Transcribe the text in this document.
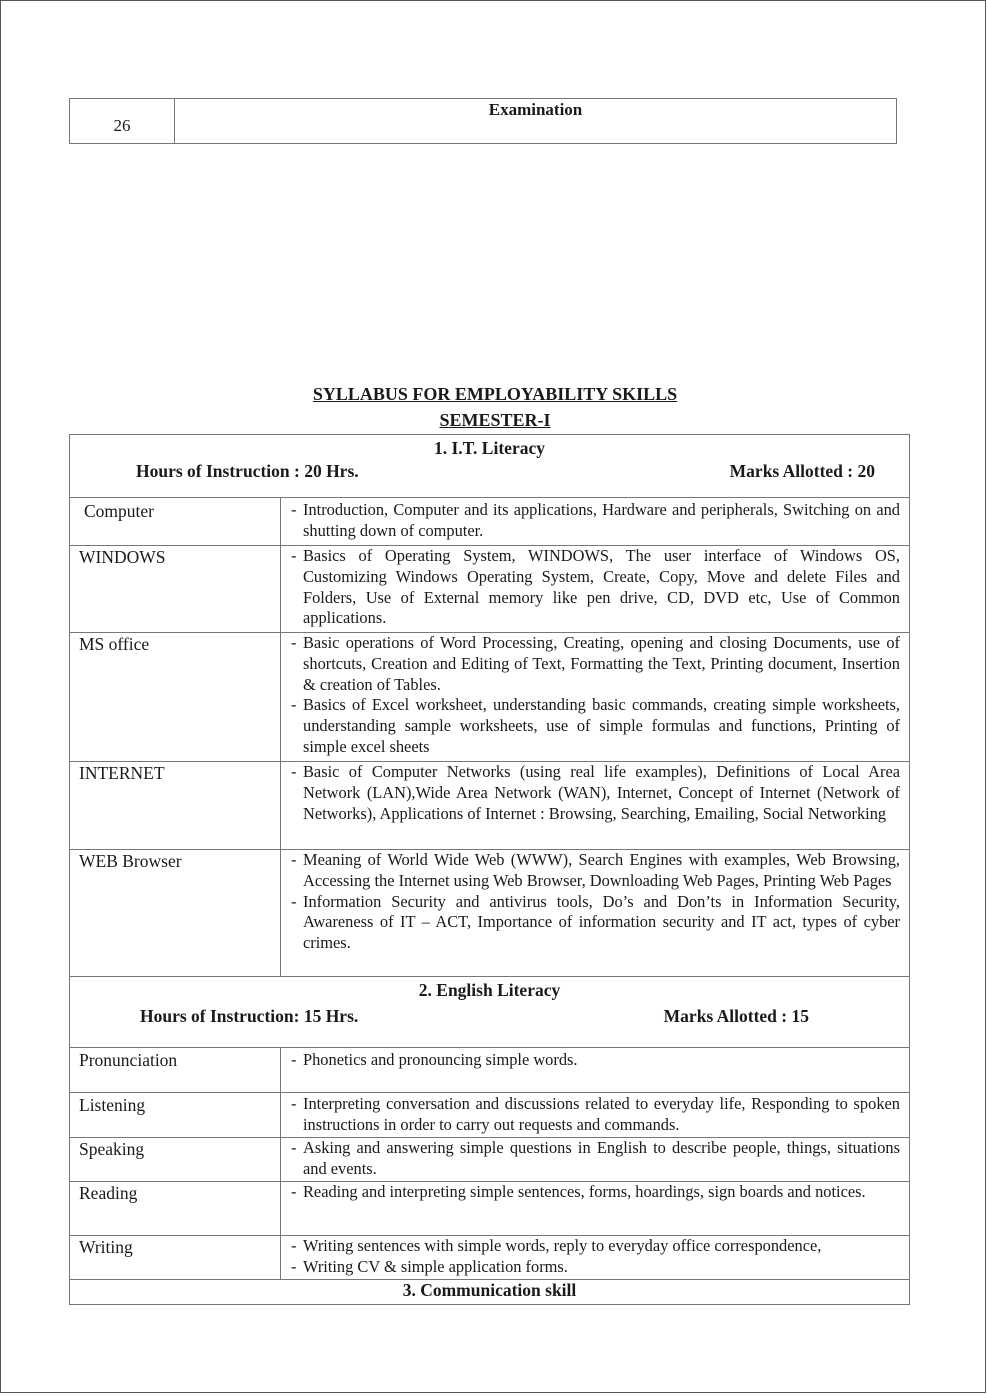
26	Examination
SYLLABUS FOR EMPLOYABILITY SKILLS
SEMESTER-I
1. I.T. Literacy
Hours of Instruction : 20 Hrs. Marks Allotted : 20	

Computer	- Introduction, Computer and its applications, Hardware and peripherals, Switching on and shutting down of computer.

WINDOWS	- Basics of Operating System, WINDOWS, The user interface of Windows OS, Customizing Windows Operating System, Create, Copy, Move and delete Files and Folders, Use of External memory like pen drive, CD, DVD etc, Use of Common applications.

MS office	- Basic operations of Word Processing, Creating, opening and closing Documents, use of shortcuts, Creation and Editing of Text, Formatting the Text, Printing document, Insertion & creation of Tables.
- Basics of Excel worksheet, understanding basic commands, creating simple worksheets, understanding sample worksheets, use of simple formulas and functions, Printing of simple excel sheets

INTERNET	- Basic of Computer Networks (using real life examples), Definitions of Local Area Network (LAN),Wide Area Network (WAN), Internet, Concept of Internet (Network of Networks), Applications of Internet : Browsing, Searching, Emailing, Social Networking

WEB Browser	- Meaning of World Wide Web (WWW), Search Engines with examples, Web Browsing, Accessing the Internet using Web Browser, Downloading Web Pages, Printing Web Pages
- Information Security and antivirus tools, Do’s and Don’ts in Information Security, Awareness of IT – ACT, Importance of information security and IT act, types of cyber crimes.

2. English Literacy
Hours of Instruction: 15 Hrs. Marks Allotted : 15	

Pronunciation	- Phonetics and pronouncing simple words.

Listening	- Interpreting conversation and discussions related to everyday life, Responding to spoken instructions in order to carry out requests and commands.

Speaking	- Asking and answering simple questions in English to describe people, things, situations and events.

Reading	- Reading and interpreting simple sentences, forms, hoardings, sign boards and notices.

Writing	- Writing sentences with simple words, reply to everyday office correspondence,
- Writing CV & simple application forms.

3. Communication skill	
